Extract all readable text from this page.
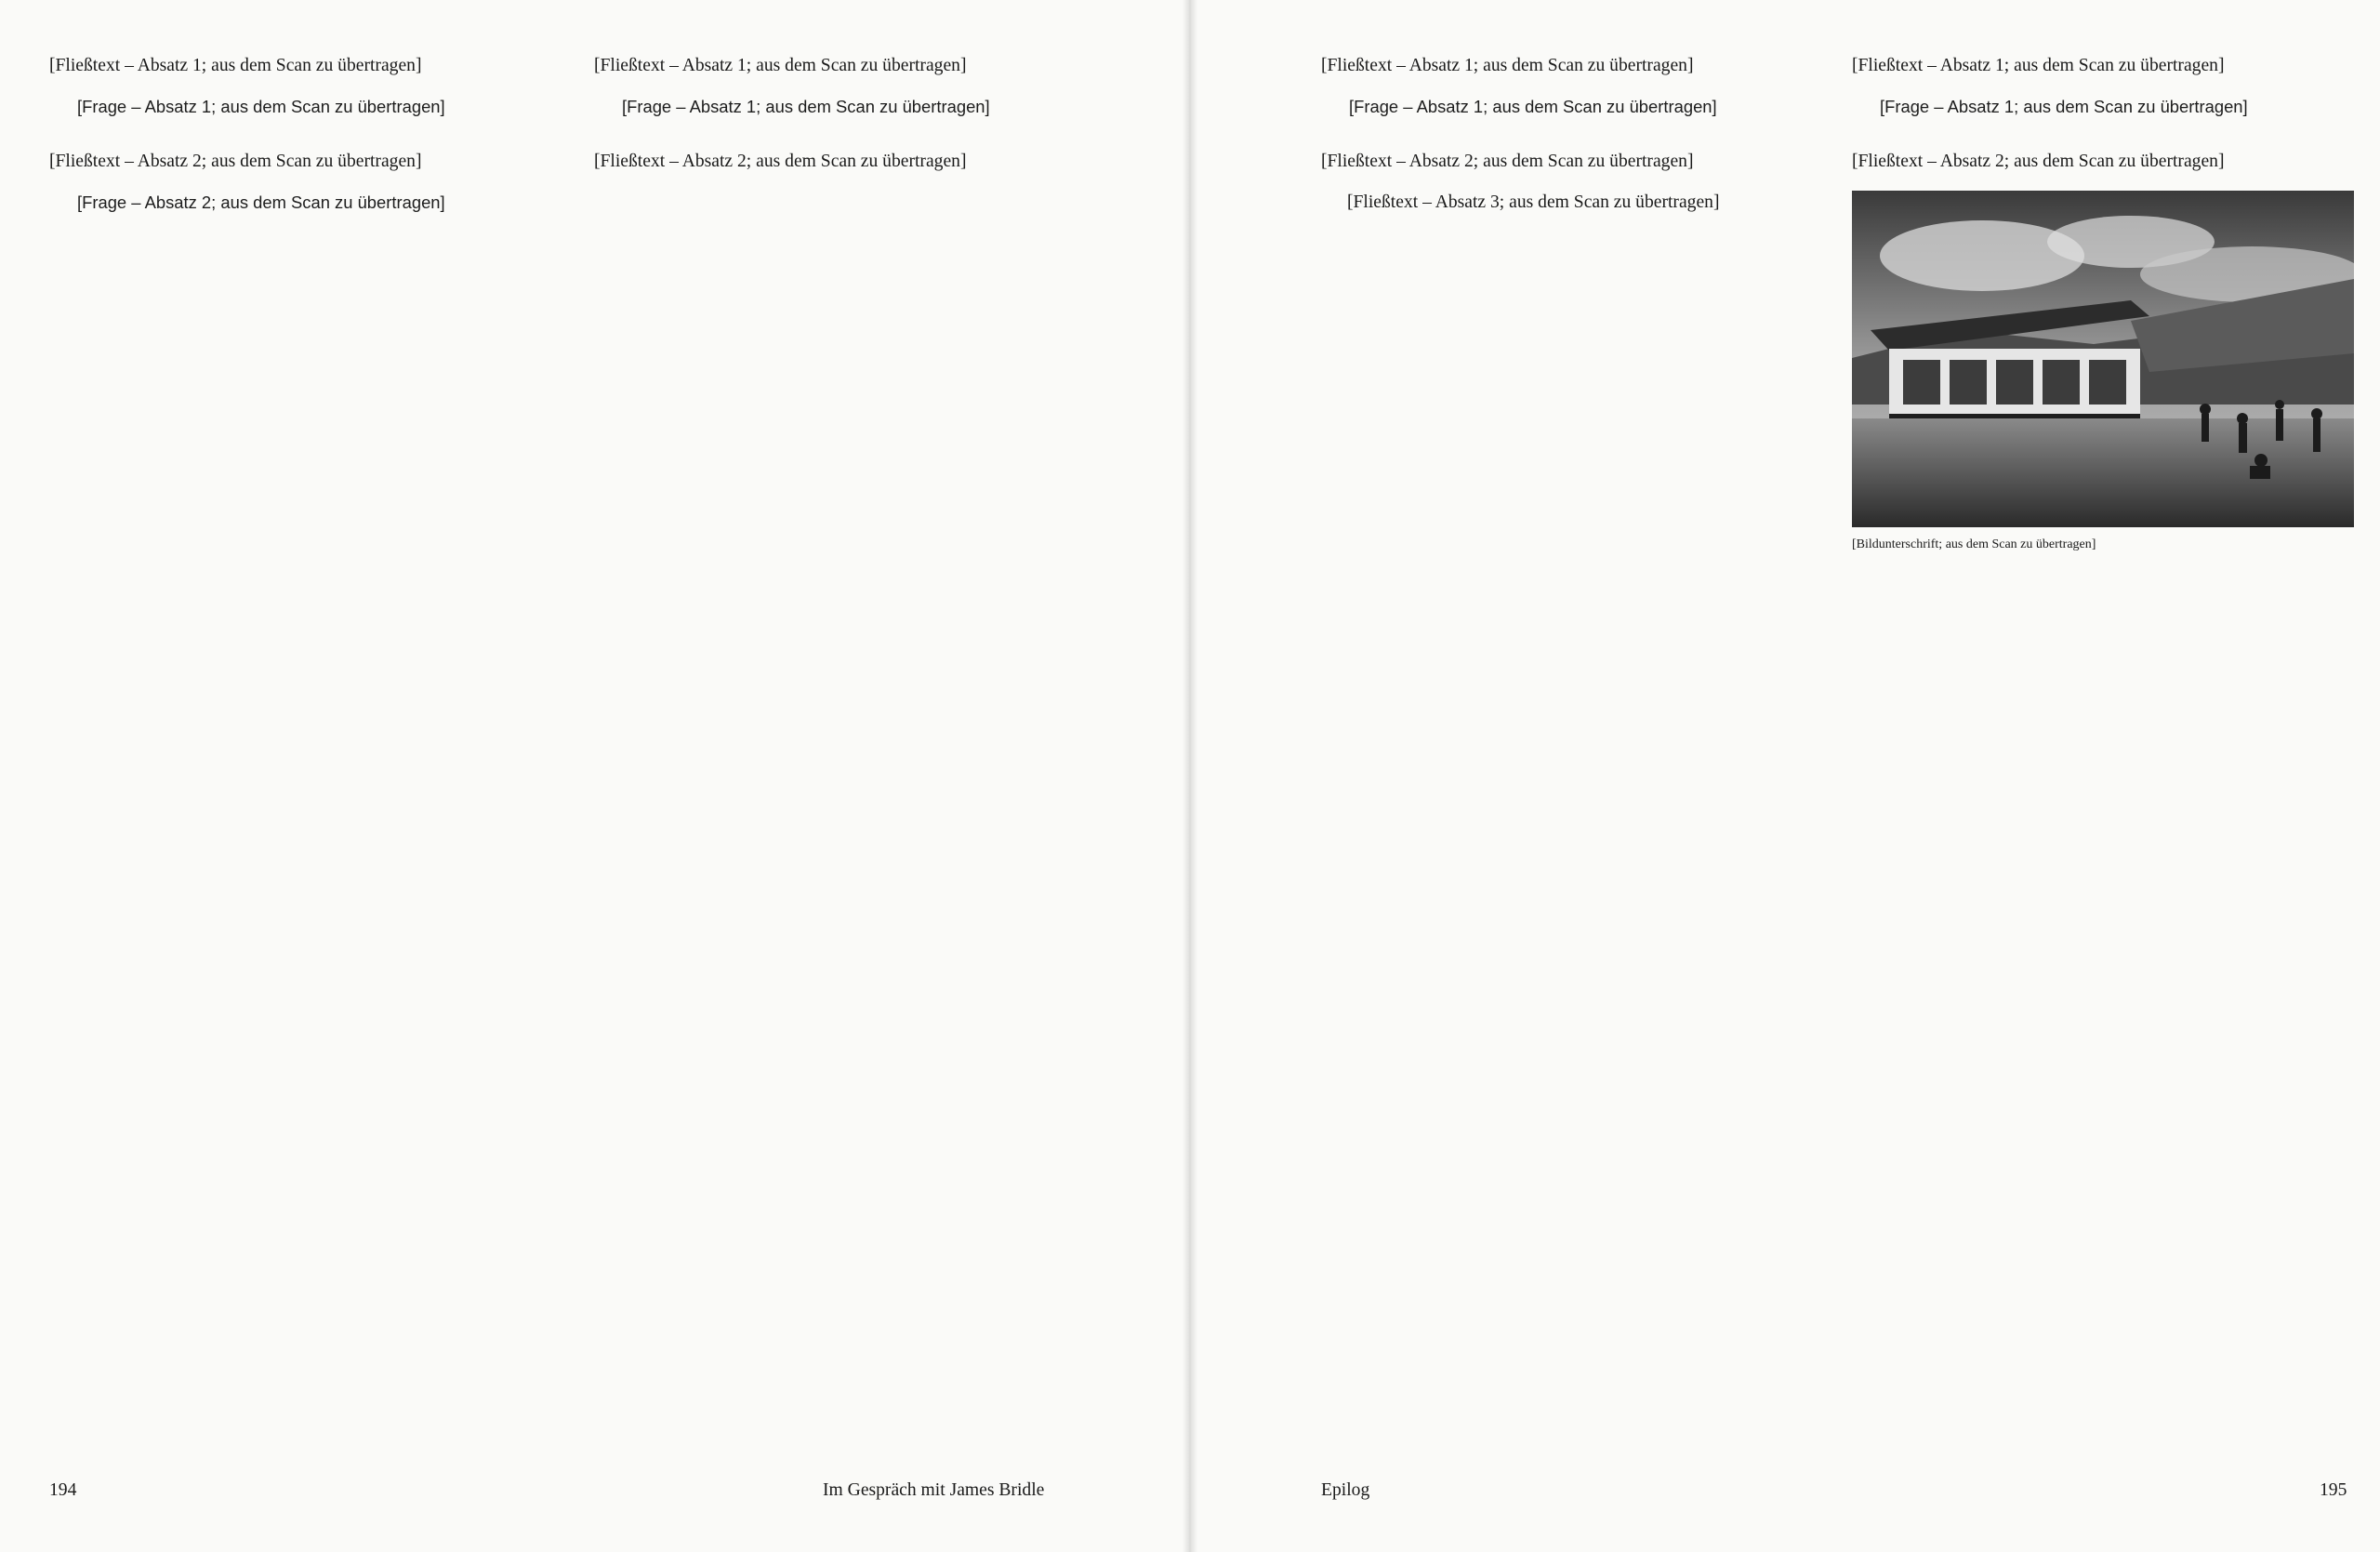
[Fließtext – Absatz 1; aus dem Scan zu übertragen]

[Frage – Absatz 1; aus dem Scan zu übertragen]

[Fließtext – Absatz 2; aus dem Scan zu übertragen]

[Frage – Absatz 2; aus dem Scan zu übertragen]

[Fließtext – Absatz 1; aus dem Scan zu übertragen]

[Frage – Absatz 1; aus dem Scan zu übertragen]

[Fließtext – Absatz 2; aus dem Scan zu übertragen]

[Fließtext – Absatz 1; aus dem Scan zu übertragen]

[Frage – Absatz 1; aus dem Scan zu übertragen]

[Fließtext – Absatz 2; aus dem Scan zu übertragen]

[Fließtext – Absatz 3; aus dem Scan zu übertragen]

[Fließtext – Absatz 1; aus dem Scan zu übertragen]

[Frage – Absatz 1; aus dem Scan zu übertragen]

[Fließtext – Absatz 2; aus dem Scan zu übertragen]

[Bildunterschrift; aus dem Scan zu übertragen]
194	Im Gespräch mit James Bridle	Epilog	195
